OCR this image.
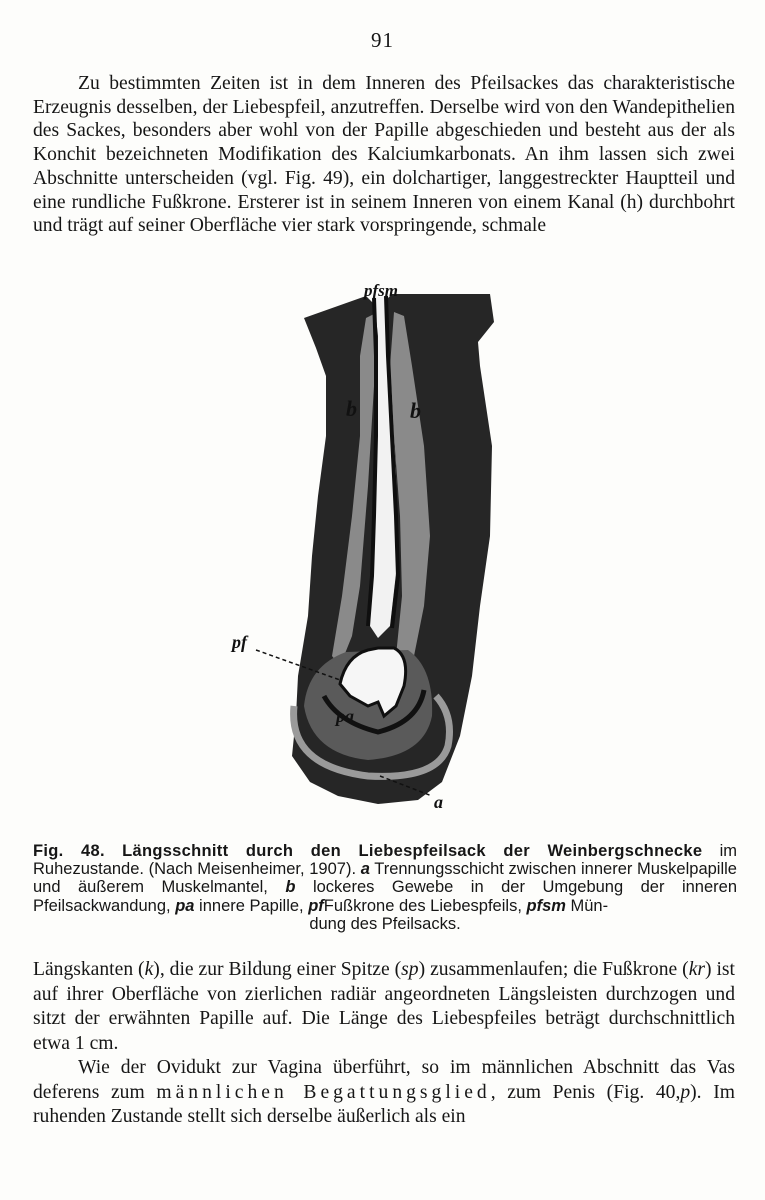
91

Zu bestimmten Zeiten ist in dem Inneren des Pfeilsackes das charakteristische Erzeugnis desselben, der Liebespfeil, anzutreffen. Derselbe wird von den Wandepithelien des Sackes, besonders aber wohl von der Papille abgeschieden und besteht aus der als Konchit bezeichneten Modifikation des Kalciumkarbonats. An ihm lassen sich zwei Abschnitte unterscheiden (vgl. Fig. 49), ein dolchartiger, langgestreckter Hauptteil und eine rundliche Fußkrone. Ersterer ist in seinem Inneren von einem Kanal (h) durchbohrt und trägt auf seiner Oberfläche vier stark vorspringende, schmale

pfsm
b b
pf
pa
a
Fig. 48. Längsschnitt durch den Liebespfeilsack der Weinbergschnecke im Ruhezustande. (Nach Meisenheimer, 1907). a Trennungsschicht zwischen innerer Muskelpapille und äußerem Muskelmantel, b lockeres Gewebe in der Umgebung der inneren Pfeilsackwandung, pa innere Papille, pfFußkrone des Liebespfeils, pfsm Mün-
dung des Pfeilsacks.

Längskanten (k), die zur Bildung einer Spitze (sp) zusammenlaufen; die Fußkrone (kr) ist auf ihrer Oberfläche von zierlichen radiär angeordneten Längsleisten durchzogen und sitzt der erwähnten Papille auf. Die Länge des Liebespfeiles beträgt durchschnittlich etwa 1 cm.

Wie der Ovidukt zur Vagina überführt, so im männlichen Abschnitt das Vas deferens zum männlichen Begattungsglied, zum Penis (Fig. 40,p). Im ruhenden Zustande stellt sich derselbe äußerlich als ein
